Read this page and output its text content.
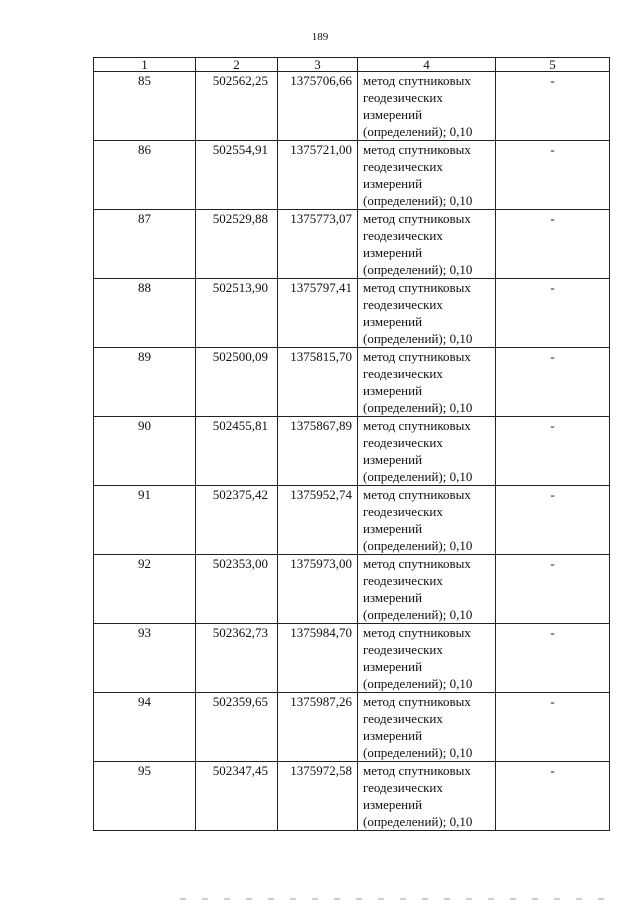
189
1	2	3	4	5
85	502562,25	1375706,66	метод спутниковых
геодезических
измерений
(определений); 0,10	-
86	502554,91	1375721,00	метод спутниковых
геодезических
измерений
(определений); 0,10	-
87	502529,88	1375773,07	метод спутниковых
геодезических
измерений
(определений); 0,10	-
88	502513,90	1375797,41	метод спутниковых
геодезических
измерений
(определений); 0,10	-
89	502500,09	1375815,70	метод спутниковых
геодезических
измерений
(определений); 0,10	-
90	502455,81	1375867,89	метод спутниковых
геодезических
измерений
(определений); 0,10	-
91	502375,42	1375952,74	метод спутниковых
геодезических
измерений
(определений); 0,10	-
92	502353,00	1375973,00	метод спутниковых
геодезических
измерений
(определений); 0,10	-
93	502362,73	1375984,70	метод спутниковых
геодезических
измерений
(определений); 0,10	-
94	502359,65	1375987,26	метод спутниковых
геодезических
измерений
(определений); 0,10	-
95	502347,45	1375972,58	метод спутниковых
геодезических
измерений
(определений); 0,10	-
